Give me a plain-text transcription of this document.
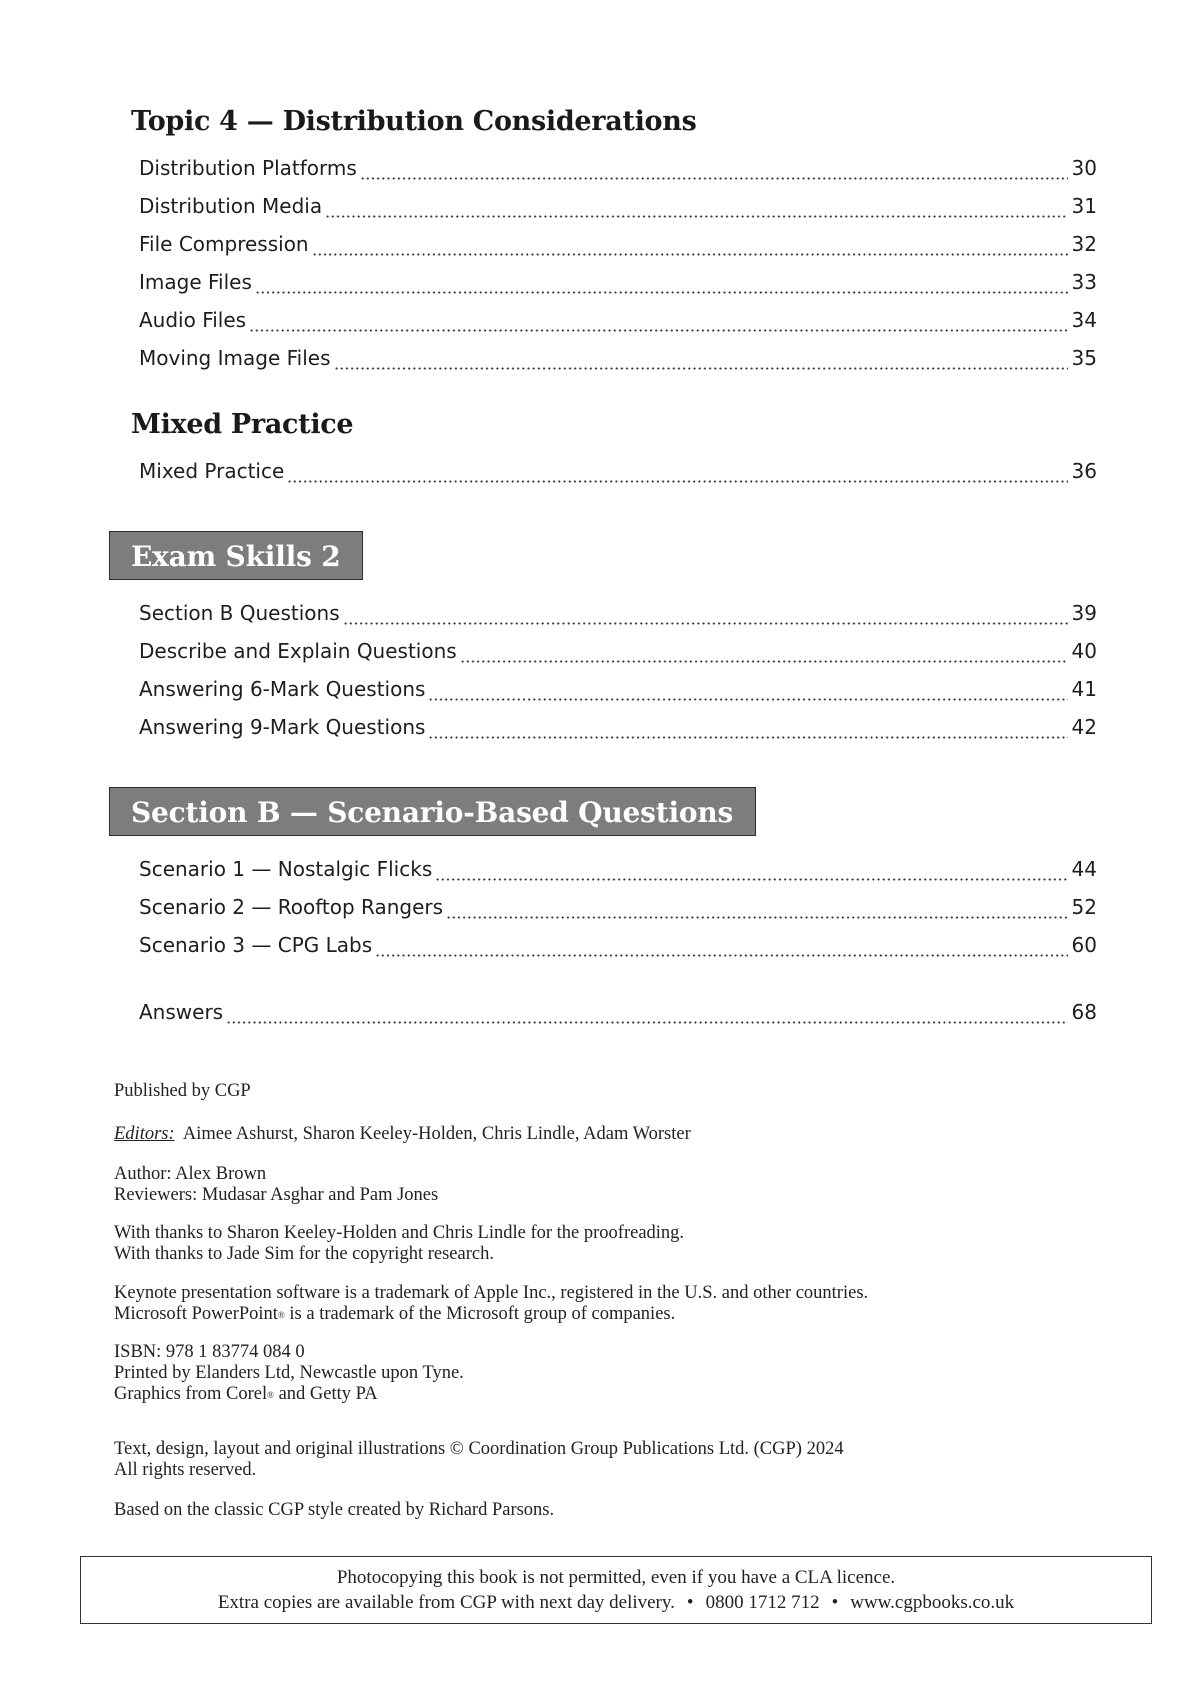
Topic 4 — Distribution Considerations
Distribution Platforms	30
Distribution Media	31
File Compression	32
Image Files	33
Audio Files	34
Moving Image Files	35
Mixed Practice
Mixed Practice	36
Exam Skills 2
Section B Questions	39
Describe and Explain Questions	40
Answering 6-Mark Questions	41
Answering 9-Mark Questions	42
Section B — Scenario-Based Questions
Scenario 1 — Nostalgic Flicks	44
Scenario 2 — Rooftop Rangers	52
Scenario 3 — CPG Labs	60
Answers	68
Published by CGP
Editors: Aimee Ashurst, Sharon Keeley-Holden, Chris Lindle, Adam Worster
Author: Alex Brown
Reviewers: Mudasar Asghar and Pam Jones
With thanks to Sharon Keeley-Holden and Chris Lindle for the proofreading.
With thanks to Jade Sim for the copyright research.
Keynote presentation software is a trademark of Apple Inc., registered in the U.S. and other countries.
Microsoft PowerPoint® is a trademark of the Microsoft group of companies.
ISBN: 978 1 83774 084 0
Printed by Elanders Ltd, Newcastle upon Tyne.
Graphics from Corel® and Getty PA
Text, design, layout and original illustrations © Coordination Group Publications Ltd. (CGP) 2024
All rights reserved.
Based on the classic CGP style created by Richard Parsons.
Photocopying this book is not permitted, even if you have a CLA licence.
Extra copies are available from CGP with next day delivery. • 0800 1712 712 • www.cgpbooks.co.uk
